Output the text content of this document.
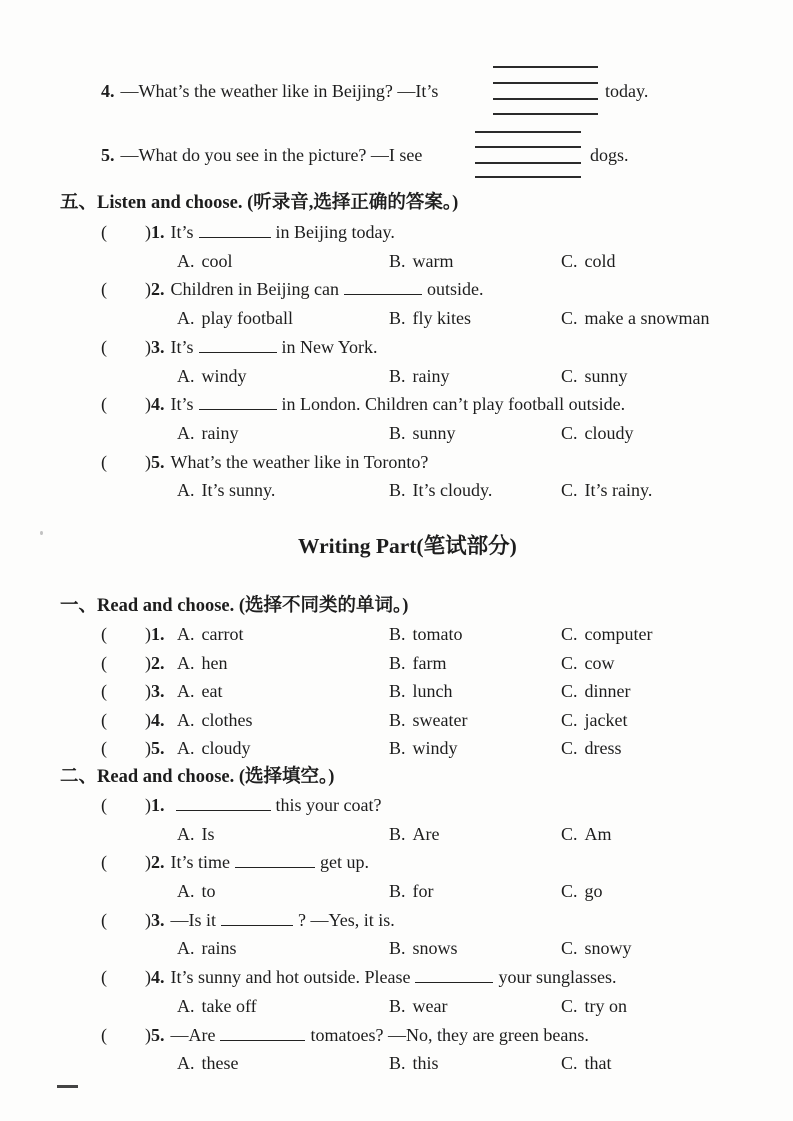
4. —What’s the weather like in Beijing? —It’s	today.
5. —What do you see in the picture? —I see	dogs.
五、Listen and choose. (听录音,选择正确的答案。)
( )1. It’s	in Beijing today.
A. cool	B. warm	C. cold
( )2. Children in Beijing can	outside.
A. play football	B. fly kites	C. make a snowman
( )3. It’s	in New York.
A. windy	B. rainy	C. sunny
( )4. It’s	in London. Children can’t play football outside.
A. rainy	B. sunny	C. cloudy
( )5. What’s the weather like in Toronto?
A. It’s sunny.	B. It’s cloudy.	C. It’s rainy.
Writing Part(笔试部分)
一、Read and choose. (选择不同类的单词。)
( )1. A. carrot	B. tomato	C. computer
( )2. A. hen	B. farm	C. cow
( )3. A. eat	B. lunch	C. dinner
( )4. A. clothes	B. sweater	C. jacket
( )5. A. cloudy	B. windy	C. dress
二、Read and choose. (选择填空。)
( )1.	this your coat?
A. Is	B. Are	C. Am
( )2. It’s time	get up.
A. to	B. for	C. go
( )3. —Is it	? —Yes, it is.
A. rains	B. snows	C. snowy
( )4. It’s sunny and hot outside. Please	your sunglasses.
A. take off	B. wear	C. try on
( )5. —Are	tomatoes? —No, they are green beans.
A. these	B. this	C. that
